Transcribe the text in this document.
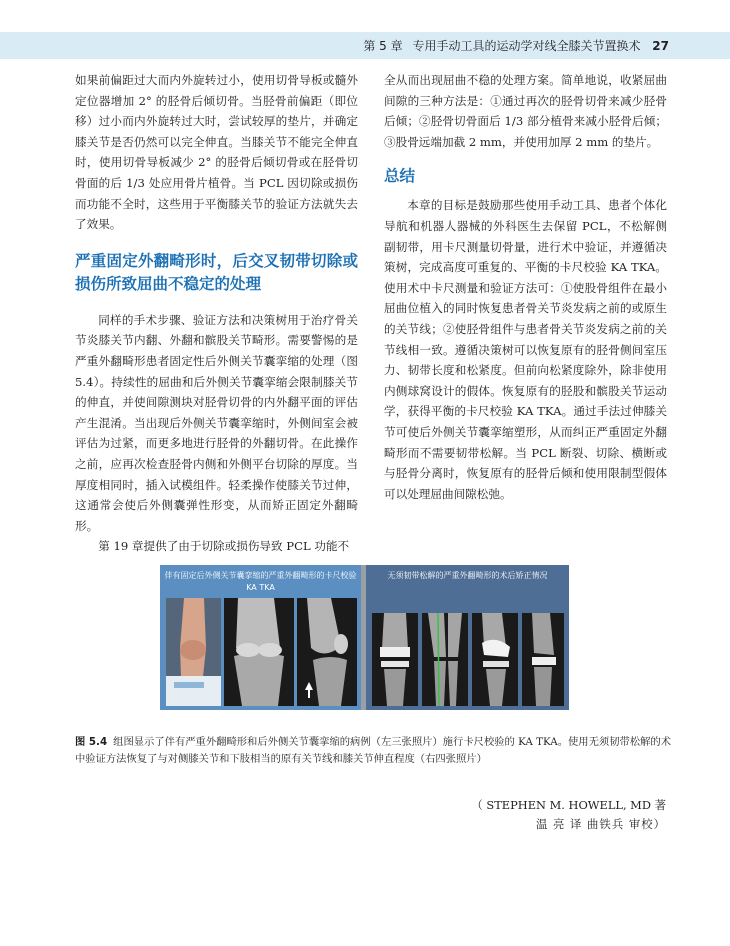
第 5 章 专用手动工具的运动学对线全膝关节置换术 27

如果前偏距过大而内外旋转过小，使用切骨导板或髓外定位器增加 2° 的胫骨后倾切骨。当胫骨前偏距（即位移）过小而内外旋转过大时，尝试较厚的垫片，并确定膝关节是否仍然可以完全伸直。当膝关节不能完全伸直时，使用切骨导板减少 2° 的胫骨后倾切骨或在胫骨切骨面的后 1/3 处应用骨片植骨。当 PCL 因切除或损伤而功能不全时，这些用于平衡膝关节的验证方法就失去了效果。

严重固定外翻畸形时，后交叉韧带切除或损伤所致屈曲不稳定的处理

同样的手术步骤、验证方法和决策树用于治疗骨关节炎膝关节内翻、外翻和髌股关节畸形。需要警惕的是严重外翻畸形患者固定性后外侧关节囊挛缩的处理（图 5.4）。持续性的屈曲和后外侧关节囊挛缩会限制膝关节的伸直，并使间隙测块对胫骨切骨的内外翻平面的评估产生混淆。当出现后外侧关节囊挛缩时，外侧间室会被评估为过紧，而更多地进行胫骨的外翻切骨。在此操作之前，应再次检查胫骨内侧和外侧平台切除的厚度。当厚度相同时，插入试模组件。轻柔操作使膝关节过伸，这通常会使后外侧囊弹性形变，从而矫正固定外翻畸形。

第 19 章提供了由于切除或损伤导致 PCL 功能不

全从而出现屈曲不稳的处理方案。简单地说，收紧屈曲间隙的三种方法是：①通过再次的胫骨切骨来减少胫骨后倾；②胫骨切骨面后 1/3 部分植骨来减小胫骨后倾；③股骨远端加截 2 mm，并使用加厚 2 mm 的垫片。

总结

本章的目标是鼓励那些使用手动工具、患者个体化导航和机器人器械的外科医生去保留 PCL，不松解侧副韧带，用卡尺测量切骨量，进行术中验证，并遵循决策树，完成高度可重复的、平衡的卡尺校验 KA TKA。使用术中卡尺测量和验证方法可：①使股骨组件在最小屈曲位植入的同时恢复患者骨关节炎发病之前的或原生的关节线；②使胫骨组件与患者骨关节炎发病之前的关节线相一致。遵循决策树可以恢复原有的胫骨侧间室压力、韧带长度和松紧度。但前向松紧度除外，除非使用内侧球窝设计的假体。恢复原有的胫股和髌股关节运动学，获得平衡的卡尺校验 KA TKA。通过手法过伸膝关节可使后外侧关节囊挛缩塑形，从而纠正严重固定外翻畸形而不需要韧带松解。当 PCL 断裂、切除、横断或与胫骨分离时，恢复原有的胫骨后倾和使用限制型假体可以处理屈曲间隙松弛。

伴有固定后外侧关节囊挛缩的严重外翻畸形的卡尺校验 KA TKA
无须韧带松解的严重外翻畸形的术后矫正情况
图 5.4 组图显示了伴有严重外翻畸形和后外侧关节囊挛缩的病例（左三张照片）施行卡尺校验的 KA TKA。使用无须韧带松解的术中验证方法恢复了与对侧膝关节和下肢相当的原有关节线和膝关节伸直程度（右四张照片）
（ STEPHEN M. HOWELL, MD 著
温 亮 译 曲铁兵 审校）
